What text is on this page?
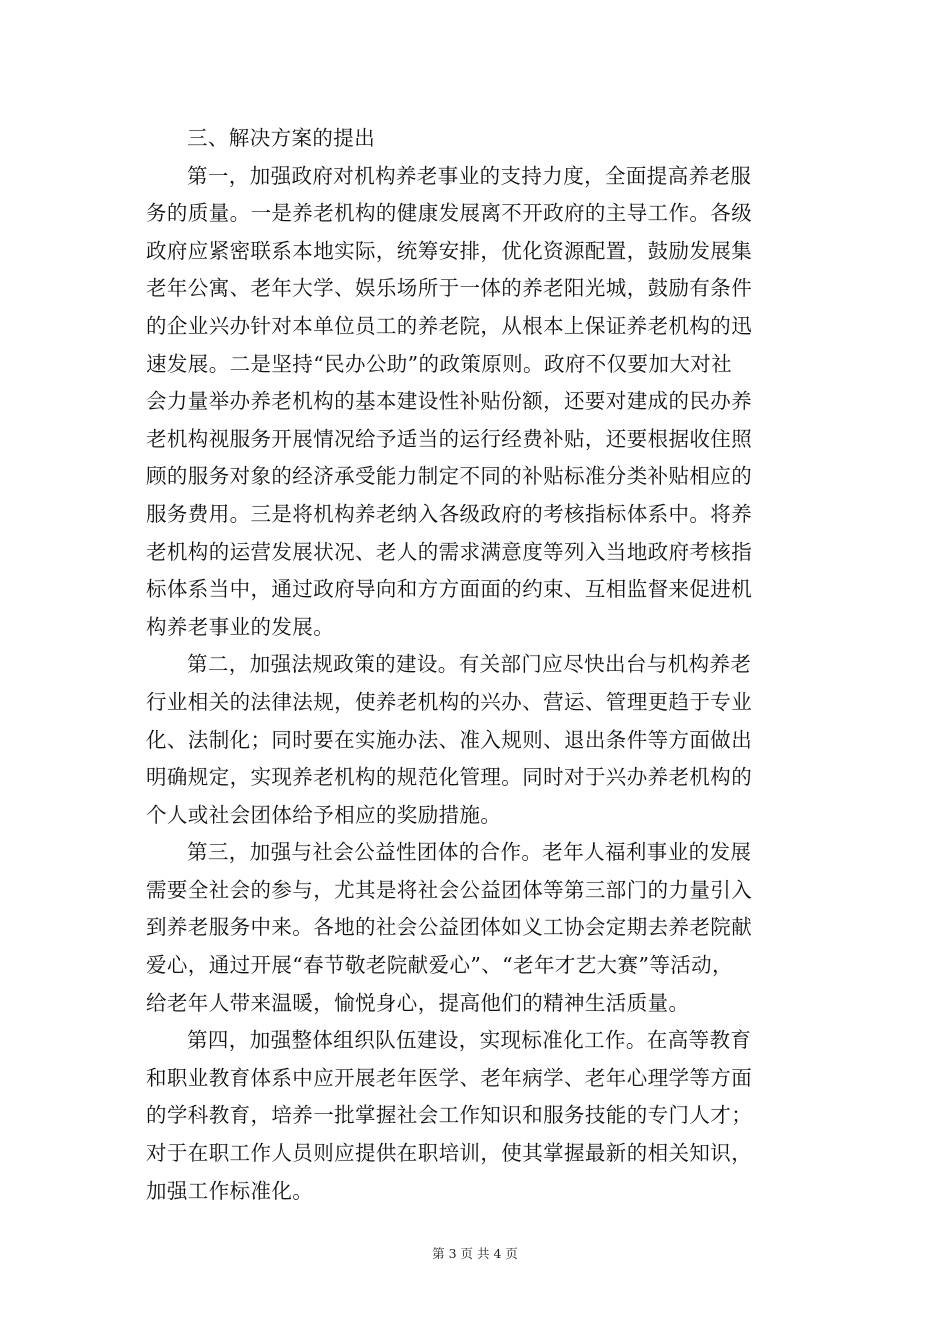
三、解决方案的提出
第一，加强政府对机构养老事业的支持力度，全面提高养老服
务的质量。一是养老机构的健康发展离不开政府的主导工作。各级
政府应紧密联系本地实际，统筹安排，优化资源配置，鼓励发展集
老年公寓、老年大学、娱乐场所于一体的养老阳光城，鼓励有条件
的企业兴办针对本单位员工的养老院，从根本上保证养老机构的迅
速发展。二是坚持“民办公助”的政策原则。政府不仅要加大对社
会力量举办养老机构的基本建设性补贴份额，还要对建成的民办养
老机构视服务开展情况给予适当的运行经费补贴，还要根据收住照
顾的服务对象的经济承受能力制定不同的补贴标准分类补贴相应的
服务费用。三是将机构养老纳入各级政府的考核指标体系中。将养
老机构的运营发展状况、老人的需求满意度等列入当地政府考核指
标体系当中，通过政府导向和方方面面的约束、互相监督来促进机
构养老事业的发展。
第二，加强法规政策的建设。有关部门应尽快出台与机构养老
行业相关的法律法规，使养老机构的兴办、营运、管理更趋于专业
化、法制化；同时要在实施办法、准入规则、退出条件等方面做出
明确规定，实现养老机构的规范化管理。同时对于兴办养老机构的
个人或社会团体给予相应的奖励措施。
第三，加强与社会公益性团体的合作。老年人福利事业的发展
需要全社会的参与，尤其是将社会公益团体等第三部门的力量引入
到养老服务中来。各地的社会公益团体如义工协会定期去养老院献
爱心，通过开展“春节敬老院献爱心”、“老年才艺大赛”等活动，
给老年人带来温暖，愉悦身心，提高他们的精神生活质量。
第四，加强整体组织队伍建设，实现标准化工作。在高等教育
和职业教育体系中应开展老年医学、老年病学、老年心理学等方面
的学科教育，培养一批掌握社会工作知识和服务技能的专门人才；
对于在职工作人员则应提供在职培训，使其掌握最新的相关知识，
加强工作标准化。
第 3 页 共 4 页
